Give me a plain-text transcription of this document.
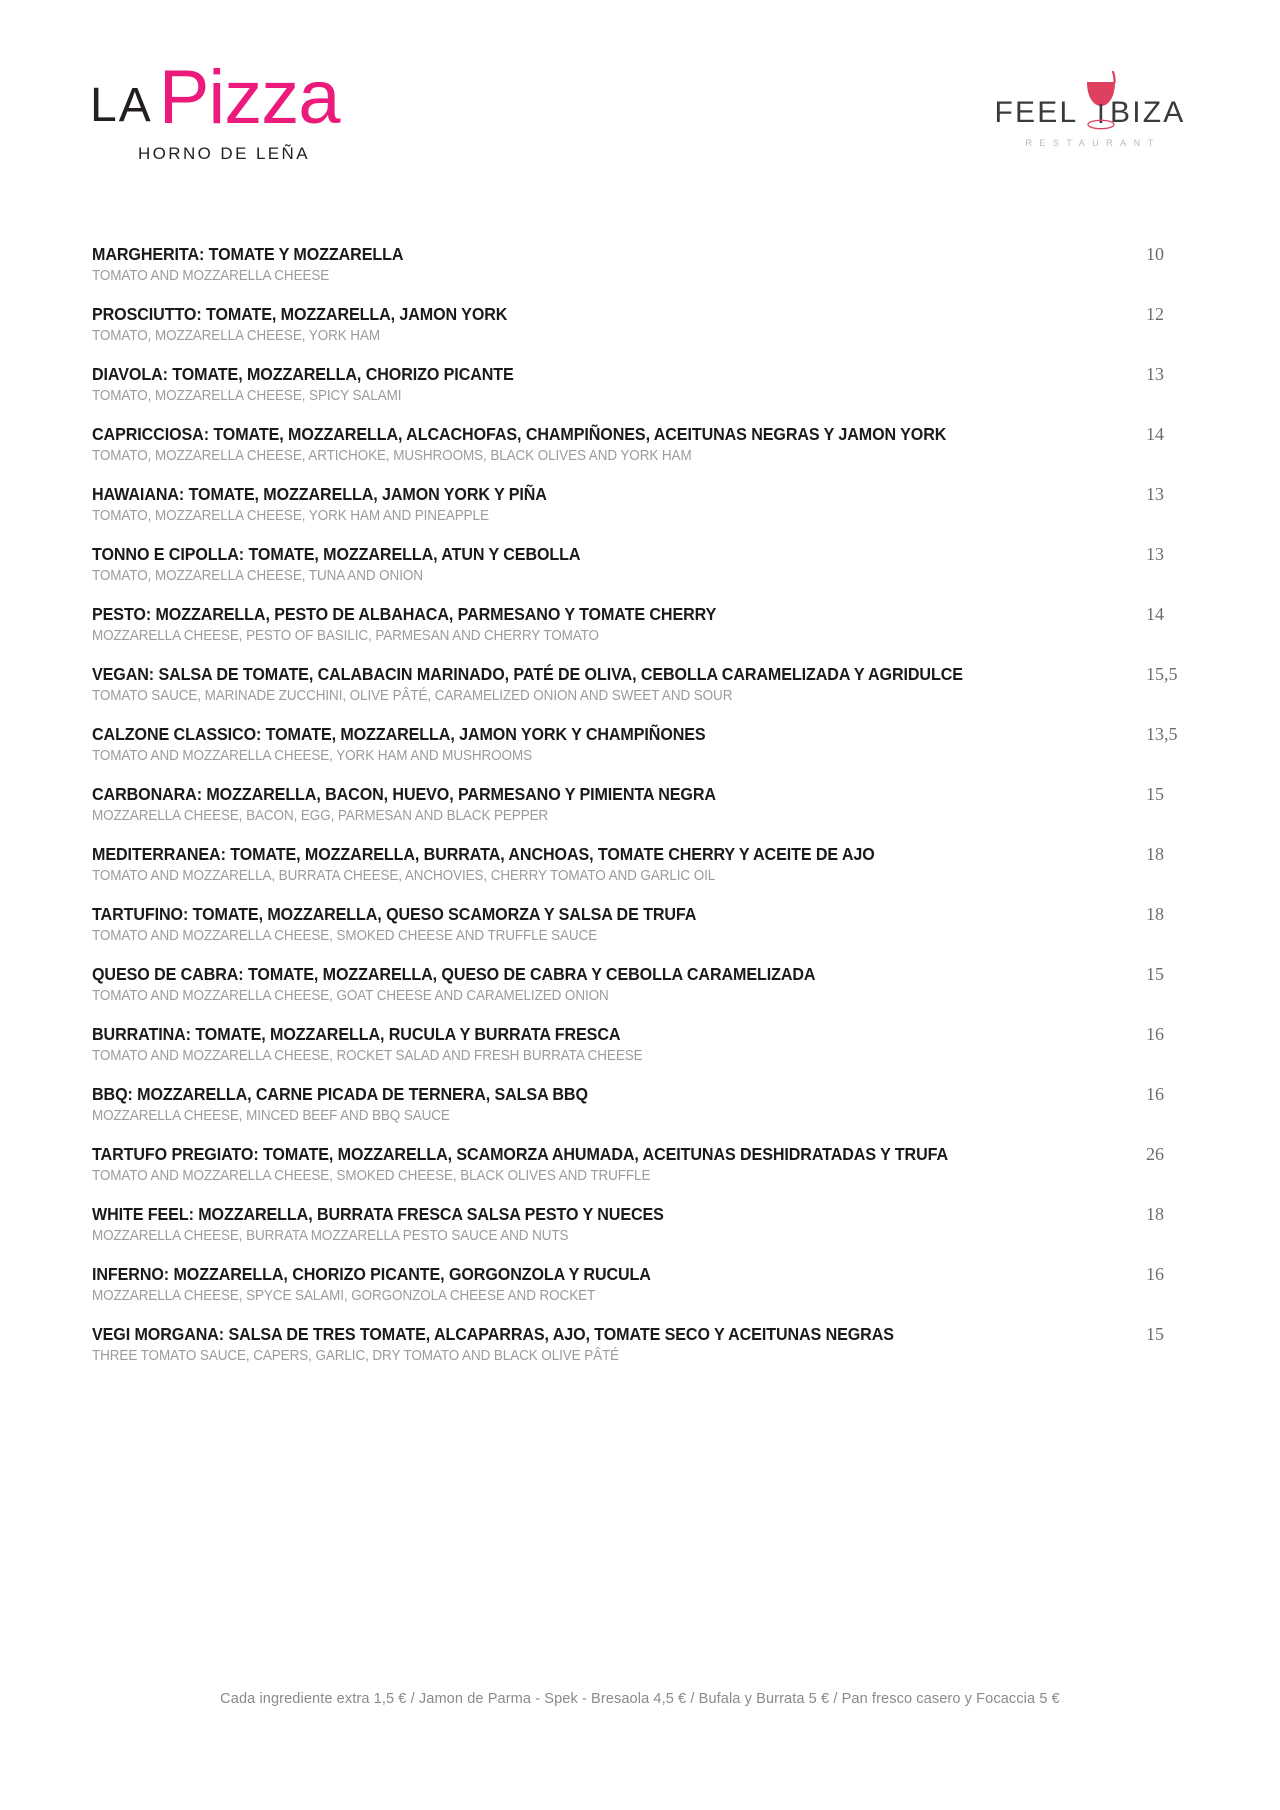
LAPizza
HORNO DE LEÑA
FEEL BIZA
RESTAURANT
MARGHERITA: TOMATE Y MOZZARELLA	10
TOMATO AND MOZZARELLA CHEESE
PROSCIUTTO: TOMATE, MOZZARELLA, JAMON YORK	12
TOMATO, MOZZARELLA CHEESE, YORK HAM
DIAVOLA: TOMATE, MOZZARELLA, CHORIZO PICANTE	13
TOMATO, MOZZARELLA CHEESE, SPICY SALAMI
CAPRICCIOSA: TOMATE, MOZZARELLA, ALCACHOFAS, CHAMPIÑONES, ACEITUNAS NEGRAS Y JAMON YORK	14
TOMATO, MOZZARELLA CHEESE, ARTICHOKE, MUSHROOMS, BLACK OLIVES AND YORK HAM
HAWAIANA: TOMATE, MOZZARELLA, JAMON YORK Y PIÑA	13
TOMATO, MOZZARELLA CHEESE, YORK HAM AND PINEAPPLE
TONNO E CIPOLLA: TOMATE, MOZZARELLA, ATUN Y CEBOLLA	13
TOMATO, MOZZARELLA CHEESE, TUNA AND ONION
PESTO: MOZZARELLA, PESTO DE ALBAHACA, PARMESANO Y TOMATE CHERRY	14
MOZZARELLA CHEESE, PESTO OF BASILIC, PARMESAN AND CHERRY TOMATO
VEGAN: SALSA DE TOMATE, CALABACIN MARINADO, PATÉ DE OLIVA, CEBOLLA CARAMELIZADA Y AGRIDULCE	15,5
TOMATO SAUCE, MARINADE ZUCCHINI, OLIVE PÂTÉ, CARAMELIZED ONION AND SWEET AND SOUR
CALZONE CLASSICO: TOMATE, MOZZARELLA, JAMON YORK Y CHAMPIÑONES	13,5
TOMATO AND MOZZARELLA CHEESE, YORK HAM AND MUSHROOMS
CARBONARA: MOZZARELLA, BACON, HUEVO, PARMESANO Y PIMIENTA NEGRA	15
MOZZARELLA CHEESE, BACON, EGG, PARMESAN AND BLACK PEPPER
MEDITERRANEA: TOMATE, MOZZARELLA, BURRATA, ANCHOAS, TOMATE CHERRY Y ACEITE DE AJO	18
TOMATO AND MOZZARELLA, BURRATA CHEESE, ANCHOVIES, CHERRY TOMATO AND GARLIC OIL
TARTUFINO: TOMATE, MOZZARELLA, QUESO SCAMORZA Y SALSA DE TRUFA	18
TOMATO AND MOZZARELLA CHEESE, SMOKED CHEESE AND TRUFFLE SAUCE
QUESO DE CABRA: TOMATE, MOZZARELLA, QUESO DE CABRA Y CEBOLLA CARAMELIZADA	15
TOMATO AND MOZZARELLA CHEESE, GOAT CHEESE AND CARAMELIZED ONION
BURRATINA: TOMATE, MOZZARELLA, RUCULA Y BURRATA FRESCA	16
TOMATO AND MOZZARELLA CHEESE, ROCKET SALAD AND FRESH BURRATA CHEESE
BBQ: MOZZARELLA, CARNE PICADA DE TERNERA, SALSA BBQ	16
MOZZARELLA CHEESE, MINCED BEEF AND BBQ SAUCE
TARTUFO PREGIATO: TOMATE, MOZZARELLA, SCAMORZA AHUMADA, ACEITUNAS DESHIDRATADAS Y TRUFA	26
TOMATO AND MOZZARELLA CHEESE, SMOKED CHEESE, BLACK OLIVES AND TRUFFLE
WHITE FEEL: MOZZARELLA, BURRATA FRESCA SALSA PESTO Y NUECES	18
MOZZARELLA CHEESE, BURRATA MOZZARELLA PESTO SAUCE AND NUTS
INFERNO: MOZZARELLA, CHORIZO PICANTE, GORGONZOLA Y RUCULA	16
MOZZARELLA CHEESE, SPYCE SALAMI, GORGONZOLA CHEESE AND ROCKET
VEGI MORGANA: SALSA DE TRES TOMATE, ALCAPARRAS, AJO, TOMATE SECO Y ACEITUNAS NEGRAS	15
THREE TOMATO SAUCE, CAPERS, GARLIC, DRY TOMATO AND BLACK OLIVE PÂTÉ
Cada ingrediente extra 1,5 € / Jamon de Parma - Spek - Bresaola 4,5 € / Bufala y Burrata 5 € / Pan fresco casero y Focaccia 5 €
